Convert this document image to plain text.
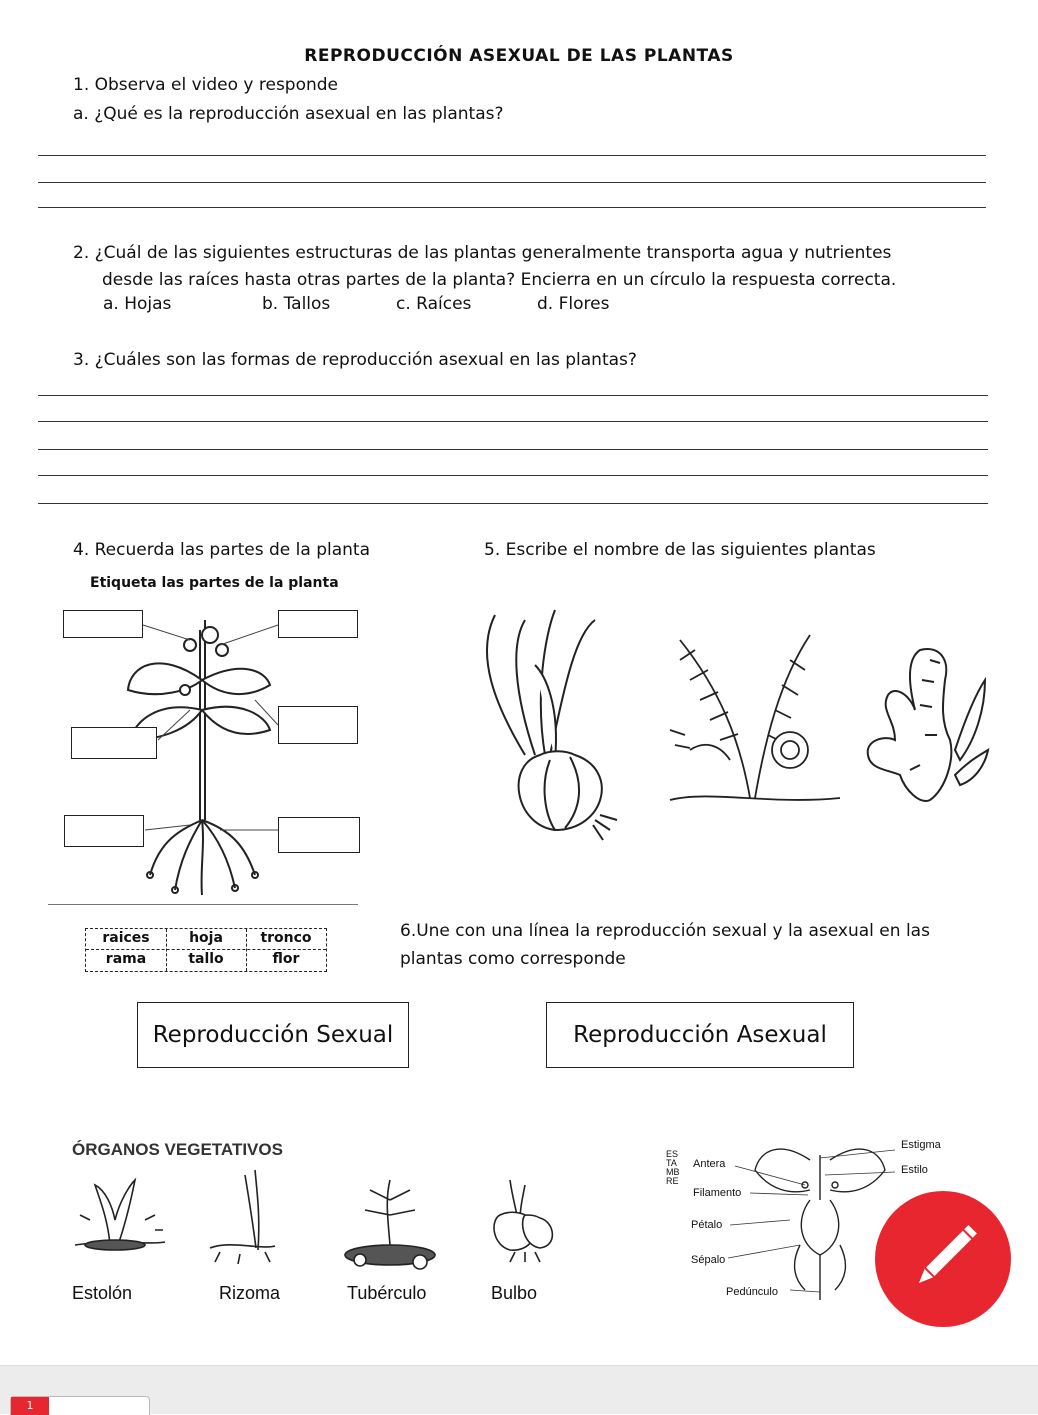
REPRODUCCIÓN ASEXUAL DE LAS PLANTAS
1. Observa el video y responde
a. ¿Qué es la reproducción asexual en las plantas?
2. ¿Cuál de las siguientes estructuras de las plantas generalmente transporta agua y nutrientes
desde las raíces hasta otras partes de la planta? Encierra en un círculo la respuesta correcta.
a. Hojas	b. Tallos	c. Raíces	d. Flores
3. ¿Cuáles son las formas de reproducción asexual en las plantas?
4. Recuerda las partes de la planta	5. Escribe el nombre de las siguientes plantas
Etiqueta las partes de la planta
raices	hoja	tronco
rama	tallo	flor
6.Une con una línea la reproducción sexual y la asexual en las
plantas como corresponde
Reproducción Sexual	Reproducción Asexual
ÓRGANOS VEGETATIVOS
Estolón	Rizoma	Tubérculo	Bulbo
ESTAMBRE
Antera
Filamento
Pétalo
Sépalo
Pedúnculo
Estigma
Estilo
1
